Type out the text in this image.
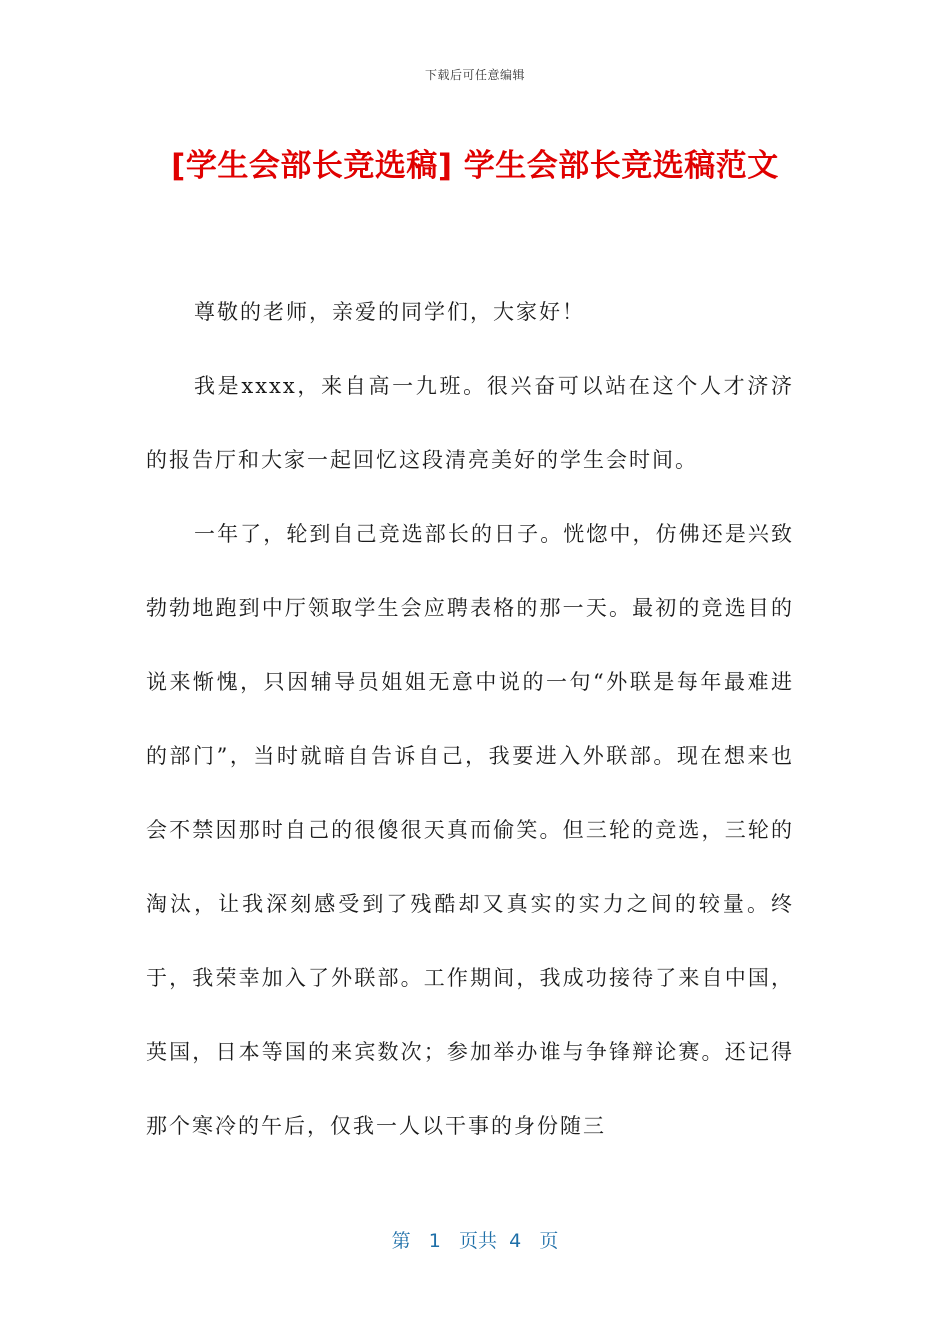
下载后可任意编辑
[学生会部长竞选稿] 学生会部长竞选稿范文

尊敬的老师，亲爱的同学们，大家好！

我是xxxx，来自高一九班。很兴奋可以站在这个人才济济的报告厅和大家一起回忆这段清亮美好的学生会时间。

一年了，轮到自己竞选部长的日子。恍惚中，仿佛还是兴致勃勃地跑到中厅领取学生会应聘表格的那一天。最初的竞选目的说来惭愧，只因辅导员姐姐无意中说的一句“外联是每年最难进的部门”，当时就暗自告诉自己，我要进入外联部。现在想来也会不禁因那时自己的很傻很天真而偷笑。但三轮的竞选，三轮的淘汰，让我深刻感受到了残酷却又真实的实力之间的较量。终于，我荣幸加入了外联部。工作期间，我成功接待了来自中国，英国，日本等国的来宾数次；参加举办谁与争锋辩论赛。还记得那个寒冷的午后，仅我一人以干事的身份随三

第 1 页共 4 页
